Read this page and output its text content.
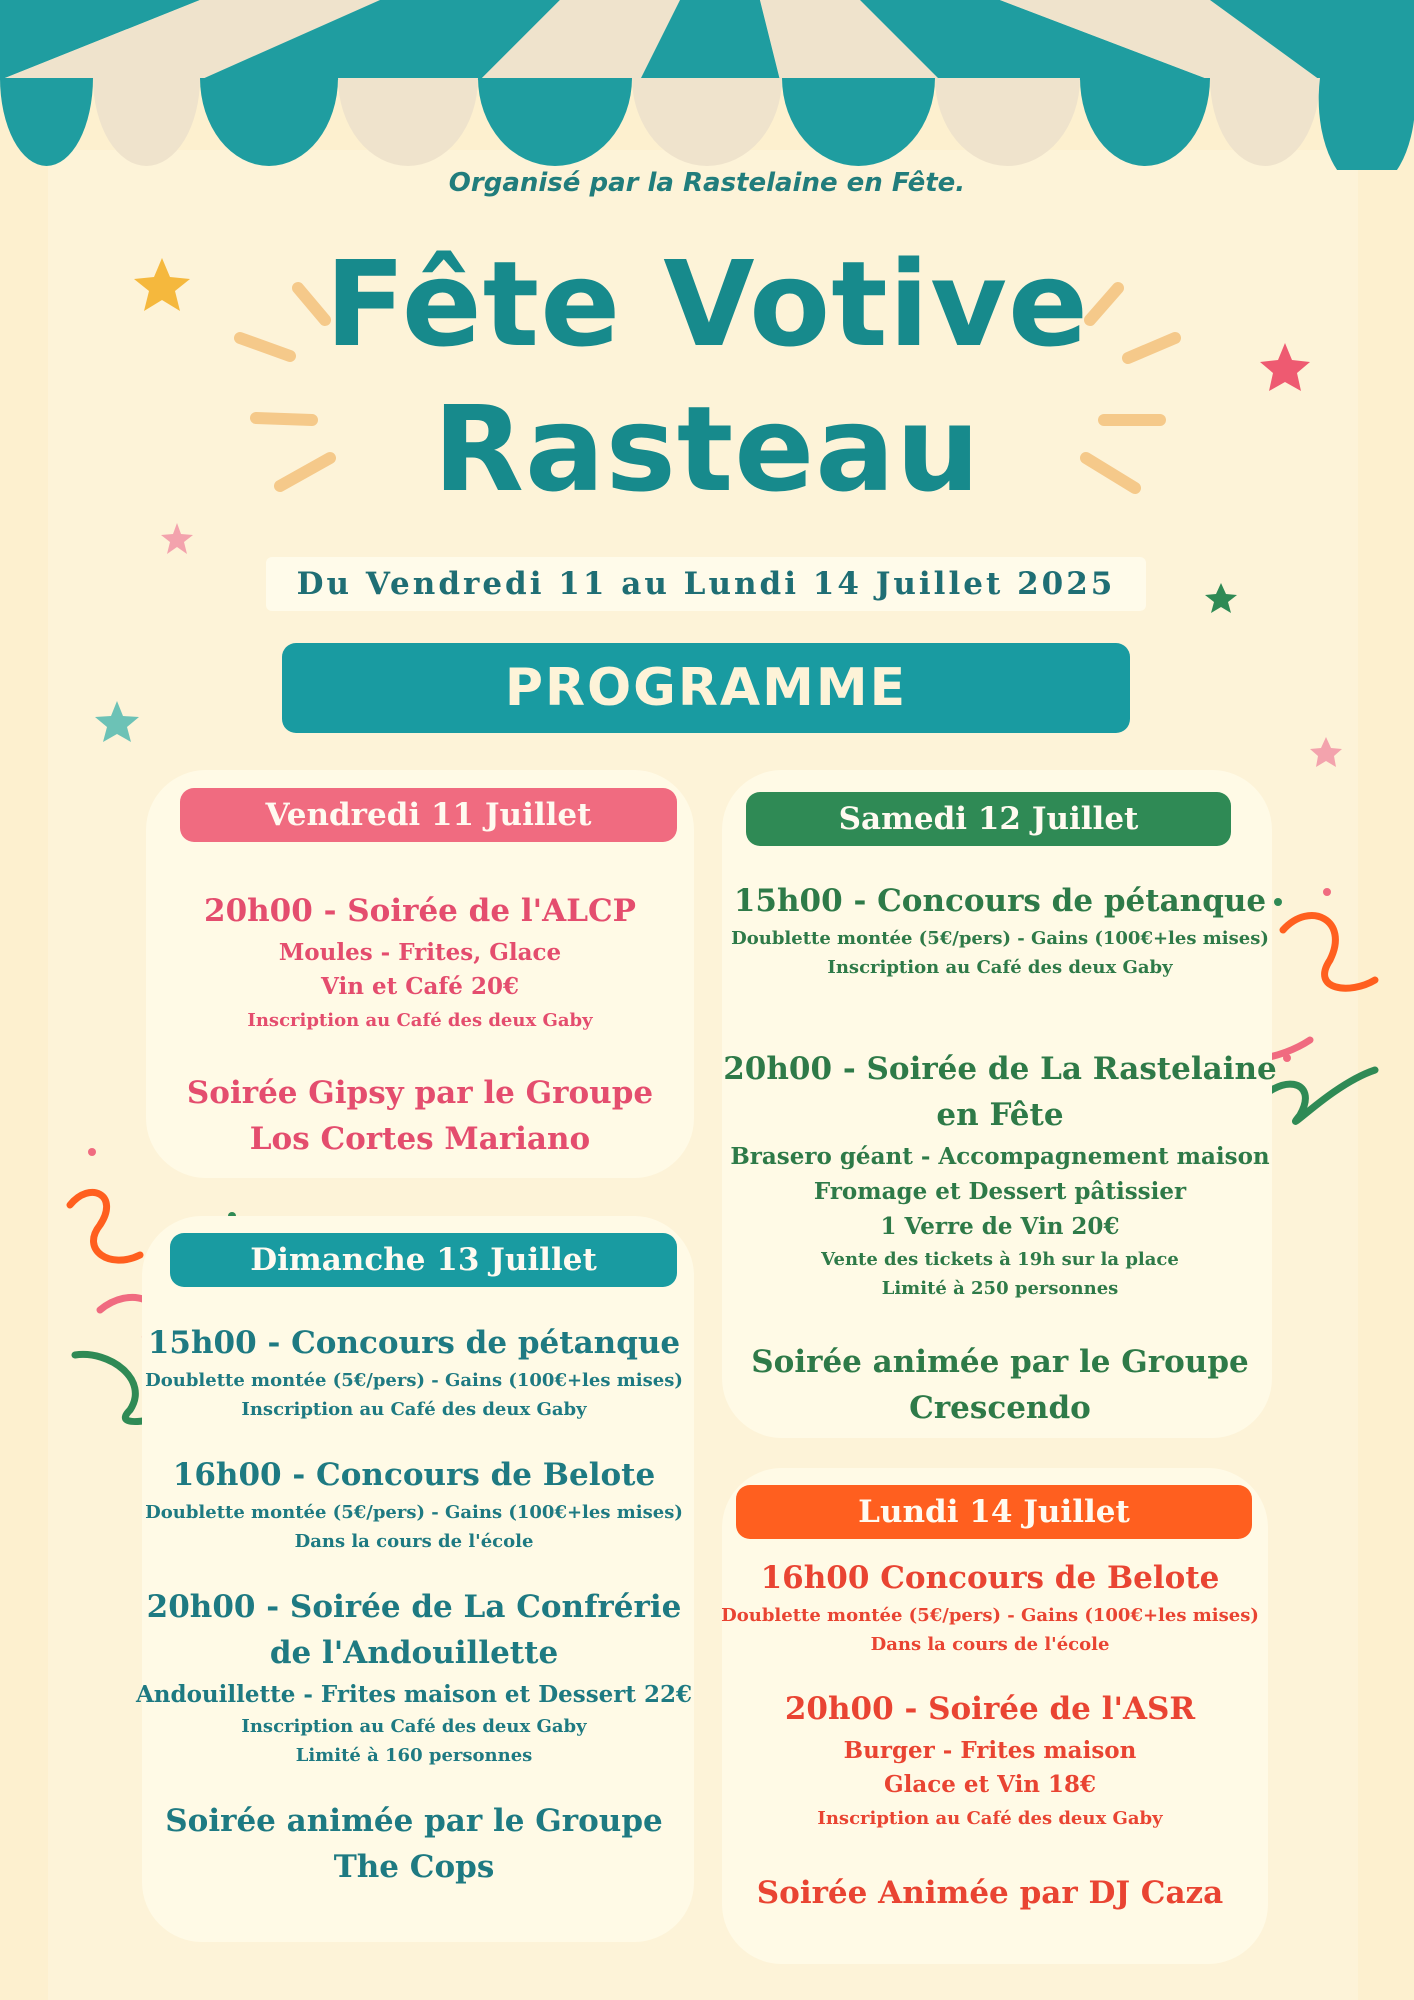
Organisé par la Rastelaine en Fête.
Fête Votive
Rasteau
Du Vendredi 11 au Lundi 14 Juillet 2025
PROGRAMME
Vendredi 11 Juillet
20h00 - Soirée de l'ALCP
Moules - Frites, Glace
Vin et Café 20€
Inscription au Café des deux Gaby
Soirée Gipsy par le Groupe
Los Cortes Mariano
Samedi 12 Juillet
15h00 - Concours de pétanque
Doublette montée (5€/pers) - Gains (100€+les mises)
Inscription au Café des deux Gaby
20h00 - Soirée de La Rastelaine
en Fête
Brasero géant - Accompagnement maison
Fromage et Dessert pâtissier
1 Verre de Vin 20€
Vente des tickets à 19h sur la place
Limité à 250 personnes
Soirée animée par le Groupe
Crescendo
Dimanche 13 Juillet
15h00 - Concours de pétanque
Doublette montée (5€/pers) - Gains (100€+les mises)
Inscription au Café des deux Gaby
16h00 - Concours de Belote
Doublette montée (5€/pers) - Gains (100€+les mises)
Dans la cours de l'école
20h00 - Soirée de La Confrérie
de l'Andouillette
Andouillette - Frites maison et Dessert 22€
Inscription au Café des deux Gaby
Limité à 160 personnes
Soirée animée par le Groupe
The Cops
Lundi 14 Juillet
16h00 Concours de Belote
Doublette montée (5€/pers) - Gains (100€+les mises)
Dans la cours de l'école
20h00 - Soirée de l'ASR
Burger - Frites maison
Glace et Vin 18€
Inscription au Café des deux Gaby
Soirée Animée par DJ Caza
